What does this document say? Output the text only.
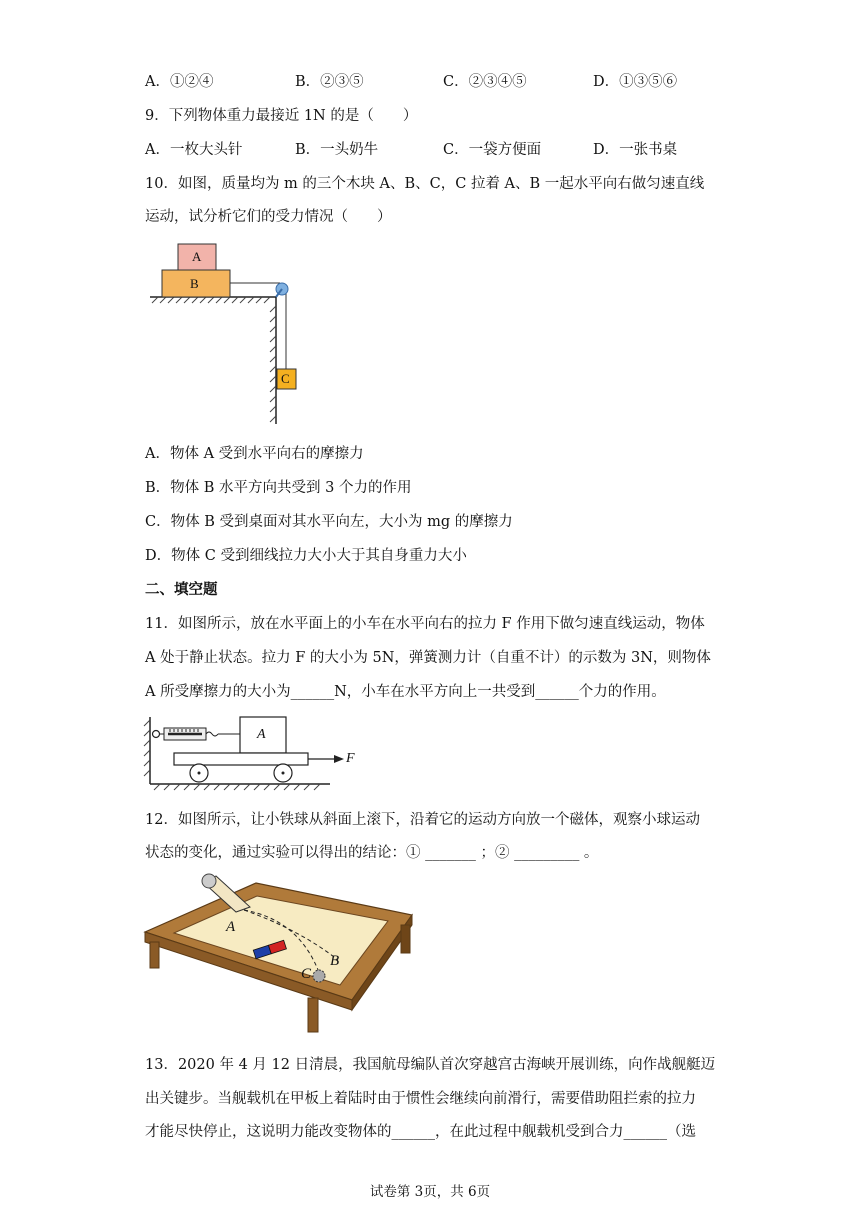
A．①②④	B．②③⑤	C．②③④⑤	D．①③⑤⑥
9．下列物体重力最接近 1N 的是（　　）
A．一枚大头针	B．一头奶牛	C．一袋方便面	D．一张书桌
10．如图，质量均为 m 的三个木块 A、B、C，C 拉着 A、B 一起水平向右做匀速直线
运动，试分析它们的受力情况（　　）
A
B
C
A．物体 A 受到水平向右的摩擦力
B．物体 B 水平方向共受到 3 个力的作用
C．物体 B 受到桌面对其水平向左，大小为 mg 的摩擦力
D．物体 C 受到细线拉力大小大于其自身重力大小
二、填空题
11．如图所示，放在水平面上的小车在水平向右的拉力 F 作用下做匀速直线运动，物体
A 处于静止状态。拉力 F 的大小为 5N，弹簧测力计（自重不计）的示数为 3N，则物体
A 所受摩擦力的大小为______N，小车在水平方向上一共受到______个力的作用。
A
F
12．如图所示，让小铁球从斜面上滚下，沿着它的运动方向放一个磁体，观察小球运动
状态的变化，通过实验可以得出的结论：① _______ ；② _________ 。
A
B
C
13．2020 年 4 月 12 日清晨，我国航母编队首次穿越宫古海峡开展训练，向作战舰艇迈
出关键步。当舰载机在甲板上着陆时由于惯性会继续向前滑行，需要借助阻拦索的拉力
才能尽快停止，这说明力能改变物体的______，在此过程中舰载机受到合力______（选
试卷第 3页，共 6页
